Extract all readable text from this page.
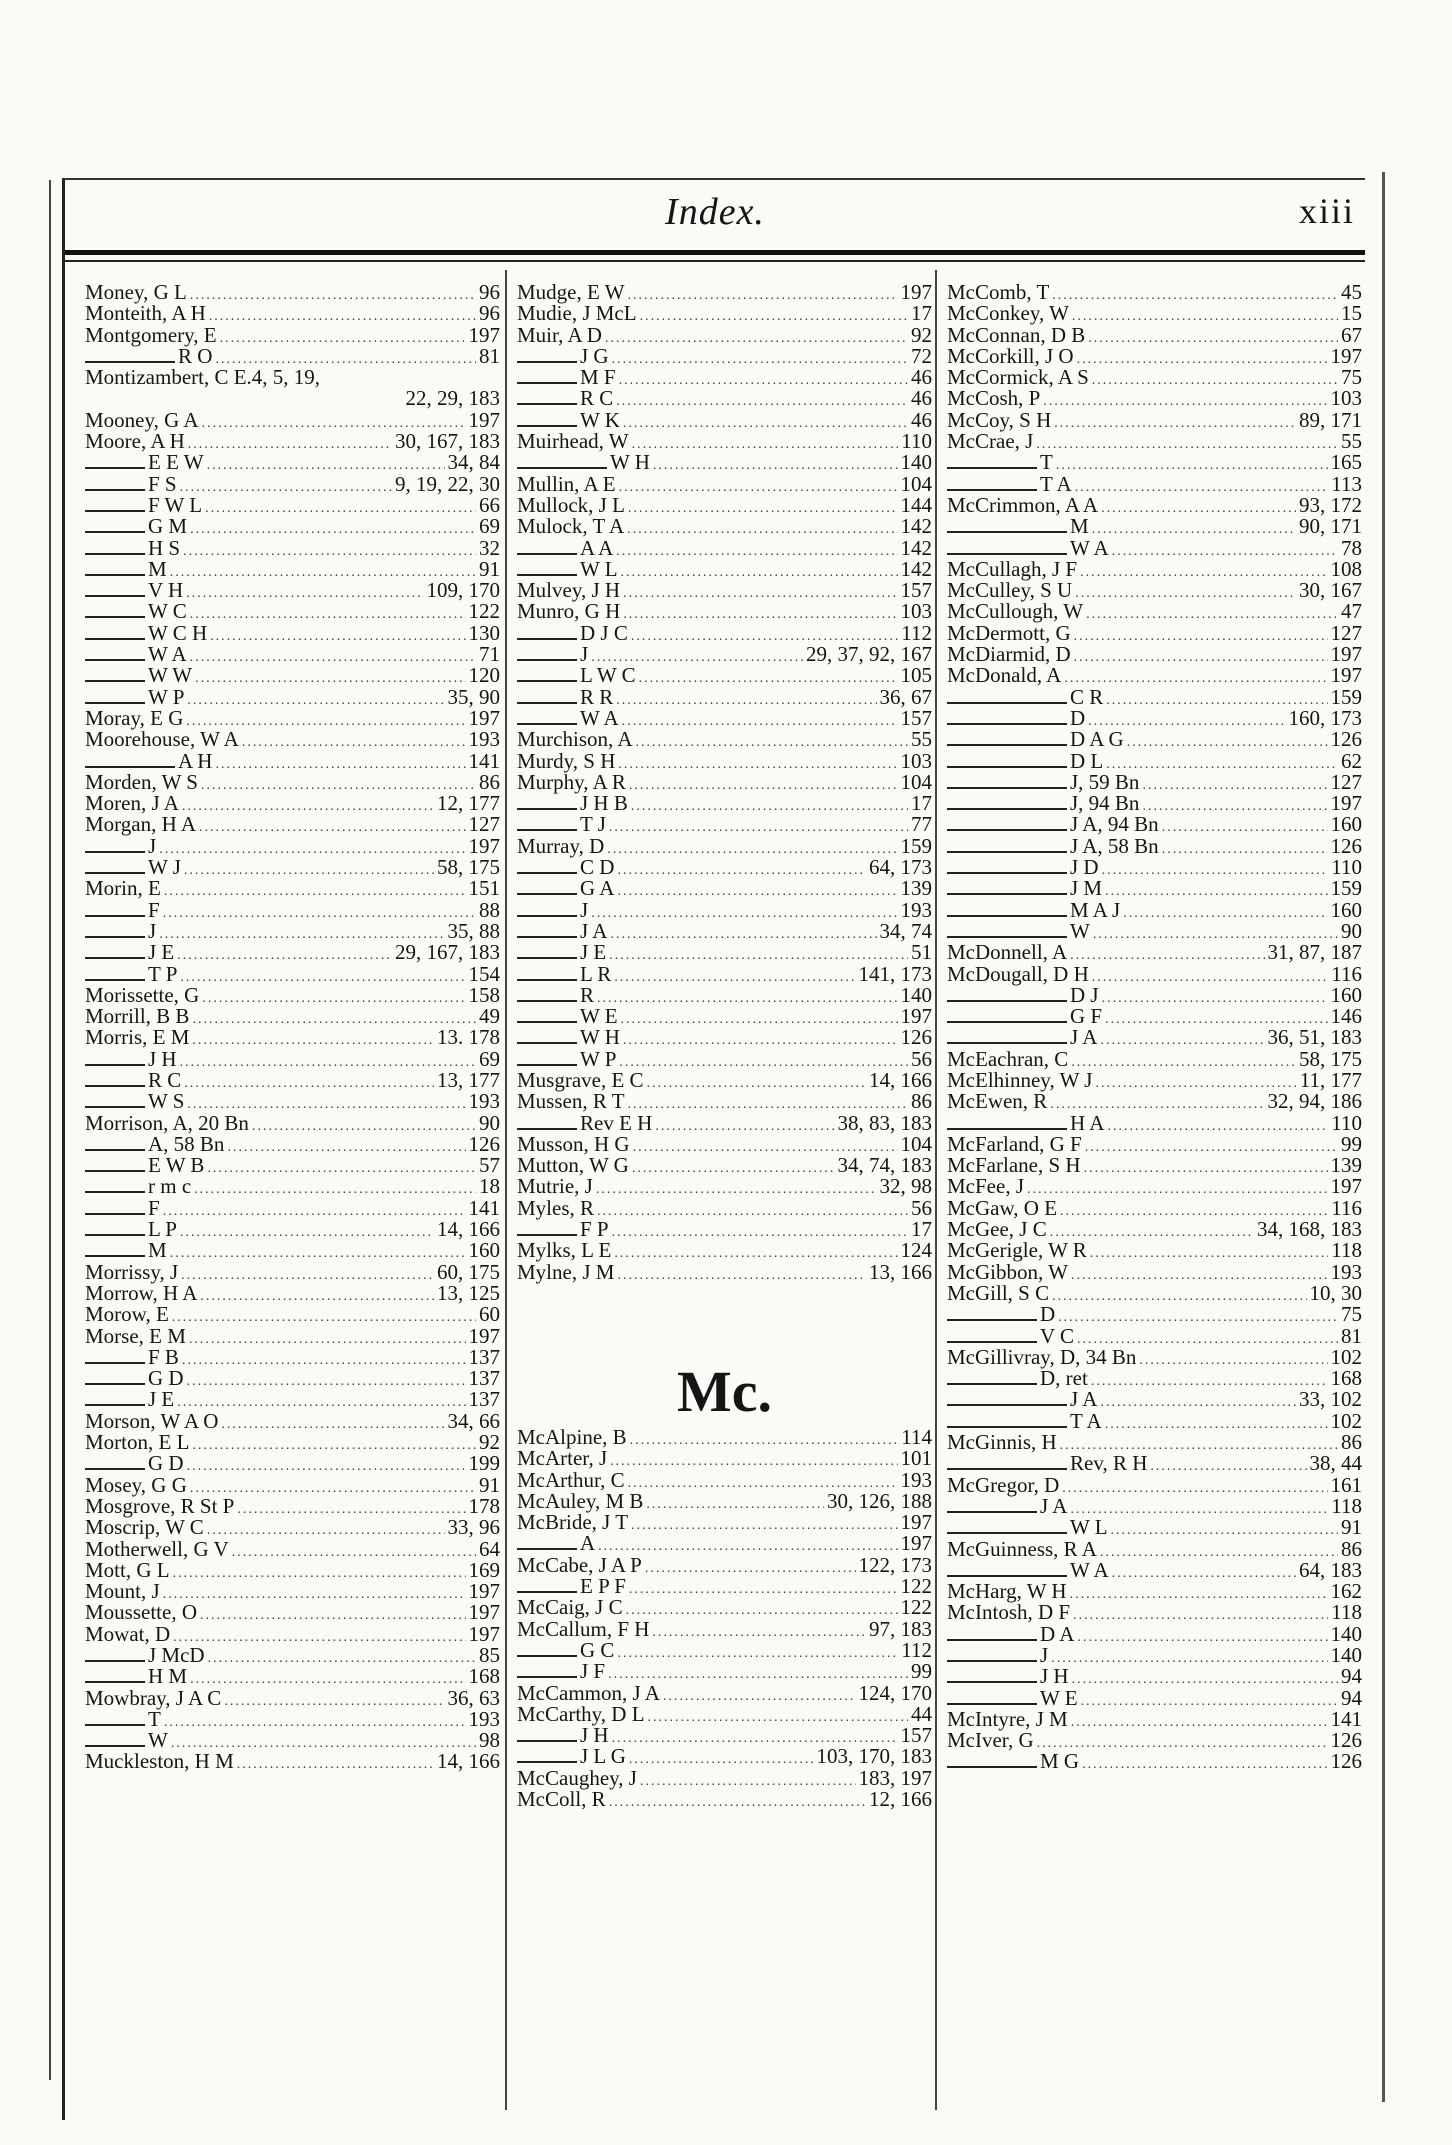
Index.	xiii
Money, G L .....	96
Monteith, A H .....	96
Montgomery, E .....	197
R O .....	81
Montizambert, C E.4, 5, 19,
22, 29, 183
Mooney, G A .....	197
Moore, A H .....	30, 167, 183
E E W .....	34, 84
F S .....	9, 19, 22, 30
F W L .....	66
G M .....	69
H S .....	32
M .....	91
V H .....	109, 170
W C .....	122
W C H .....	130
W A .....	71
W W .....	120
W P .....	35, 90
Moray, E G .....	197
Moorehouse, W A .....	193
A H .....	141
Morden, W S .....	86
Moren, J A .....	12, 177
Morgan, H A .....	127
J .....	197
W J .....	58, 175
Morin, E .....	151
F .....	88
J .....	35, 88
J E .....	29, 167, 183
T P .....	154
Morissette, G .....	158
Morrill, B B .....	49
Morris, E M .....	13. 178
J H .....	69
R C .....	13, 177
W S .....	193
Morrison, A, 20 Bn .....	90
A, 58 Bn .....	126
E W B .....	57
r m c .....	18
F .....	141
L P .....	14, 166
M .....	160
Morrissy, J .....	60, 175
Morrow, H A .....	13, 125
Morow, E .....	60
Morse, E M .....	197
F B .....	137
G D .....	137
J E .....	137
Morson, W A O .....	34, 66
Morton, E L .....	92
G D .....	199
Mosey, G G .....	91
Mosgrove, R St P .....	178
Moscrip, W C .....	33, 96
Motherwell, G V .....	64
Mott, G L .....	169
Mount, J .....	197
Moussette, O .....	197
Mowat, D .....	197
J McD .....	85
H M .....	168
Mowbray, J A C .....	36, 63
T .....	193
W .....	98
Muckleston, H M .....	14, 166
Mudge, E W .....	197
Mudie, J McL .....	17
Muir, A D .....	92
J G .....	72
M F .....	46
R C .....	46
W K .....	46
Muirhead, W .....	110
W H .....	140
Mullin, A E .....	104
Mullock, J L .....	144
Mulock, T A .....	142
A A .....	142
W L .....	142
Mulvey, J H .....	157
Munro, G H .....	103
D J C .....	112
J .....	29, 37, 92, 167
L W C .....	105
R R .....	36, 67
W A .....	157
Murchison, A .....	55
Murdy, S H .....	103
Murphy, A R .....	104
J H B .....	17
T J .....	77
Murray, D .....	159
C D .....	64, 173
G A .....	139
J .....	193
J A .....	34, 74
J E .....	51
L R .....	141, 173
R .....	140
W E .....	197
W H .....	126
W P .....	56
Musgrave, E C .....	14, 166
Mussen, R T .....	86
Rev E H .....	38, 83, 183
Musson, H G .....	104
Mutton, W G .....	34, 74, 183
Mutrie, J .....	32, 98
Myles, R .....	56
F P .....	17
Mylks, L E .....	124
Mylne, J M .....	13, 166
Mc.
McAlpine, B .....	114
McArter, J .....	101
McArthur, C .....	193
McAuley, M B .....	30, 126, 188
McBride, J T .....	197
A .....	197
McCabe, J A P .....	122, 173
E P F .....	122
McCaig, J C .....	122
McCallum, F H .....	97, 183
G C .....	112
J F .....	99
McCammon, J A .....	124, 170
McCarthy, D L .....	44
J H .....	157
J L G .....	103, 170, 183
McCaughey, J .....	183, 197
McColl, R .....	12, 166
McComb, T .....	45
McConkey, W .....	15
McConnan, D B .....	67
McCorkill, J O .....	197
McCormick, A S .....	75
McCosh, P .....	103
McCoy, S H .....	89, 171
McCrae, J .....	55
T .....	165
T A .....	113
McCrimmon, A A .....	93, 172
M .....	90, 171
W A .....	78
McCullagh, J F .....	108
McCulley, S U .....	30, 167
McCullough, W .....	47
McDermott, G .....	127
McDiarmid, D .....	197
McDonald, A .....	197
C R .....	159
D .....	160, 173
D A G .....	126
D L .....	62
J, 59 Bn .....	127
J, 94 Bn .....	197
J A, 94 Bn .....	160
J A, 58 Bn .....	126
J D .....	110
J M .....	159
M A J .....	160
W .....	90
McDonnell, A .....	31, 87, 187
McDougall, D H .....	116
D J .....	160
G F .....	146
J A .....	36, 51, 183
McEachran, C .....	58, 175
McElhinney, W J .....	11, 177
McEwen, R .....	32, 94, 186
H A .....	110
McFarland, G F .....	99
McFarlane, S H .....	139
McFee, J .....	197
McGaw, O E .....	116
McGee, J C .....	34, 168, 183
McGerigle, W R .....	118
McGibbon, W .....	193
McGill, S C .....	10, 30
D .....	75
V C .....	81
McGillivray, D, 34 Bn .....	102
D, ret .....	168
J A .....	33, 102
T A .....	102
McGinnis, H .....	86
Rev, R H .....	38, 44
McGregor, D .....	161
J A .....	118
W L .....	91
McGuinness, R A .....	86
W A .....	64, 183
McHarg, W H .....	162
McIntosh, D F .....	118
D A .....	140
J .....	140
J H .....	94
W E .....	94
McIntyre, J M .....	141
McIver, G .....	126
M G .....	126
